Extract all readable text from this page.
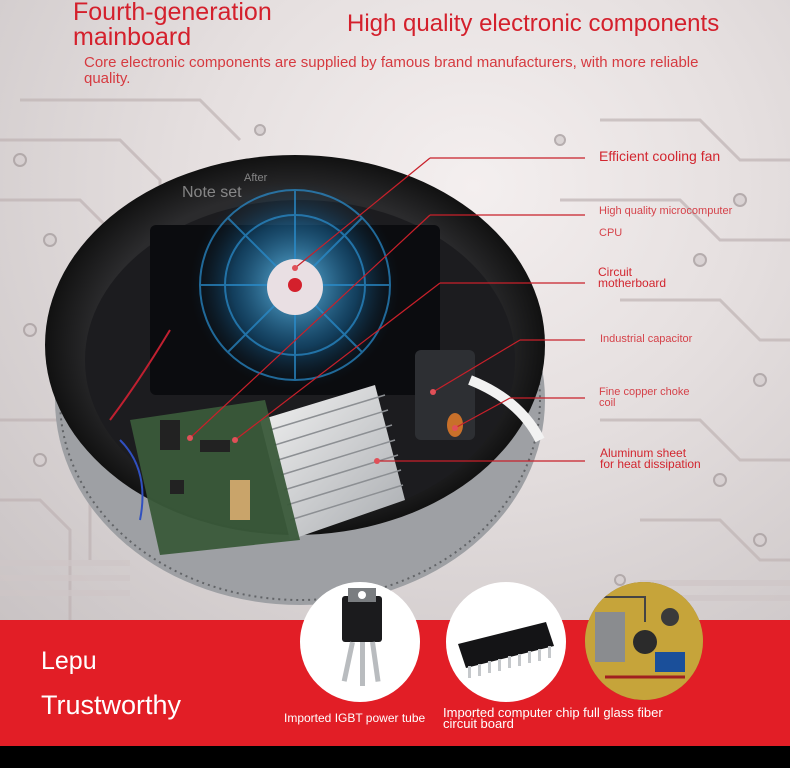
Fourth-generation mainboard	High quality electronic components
Core electronic components are supplied by famous brand manufacturers, with more reliable quality.
Note set
After
Efficient cooling fan
High quality microcomputer
CPU
Circuit
motherboard
Industrial capacitor
Fine copper choke
coil
Aluminum sheet
for heat dissipation
Lepu
Trustworthy	Imported IGBT power tube Imported computer chip full glass fiber
circuit board
